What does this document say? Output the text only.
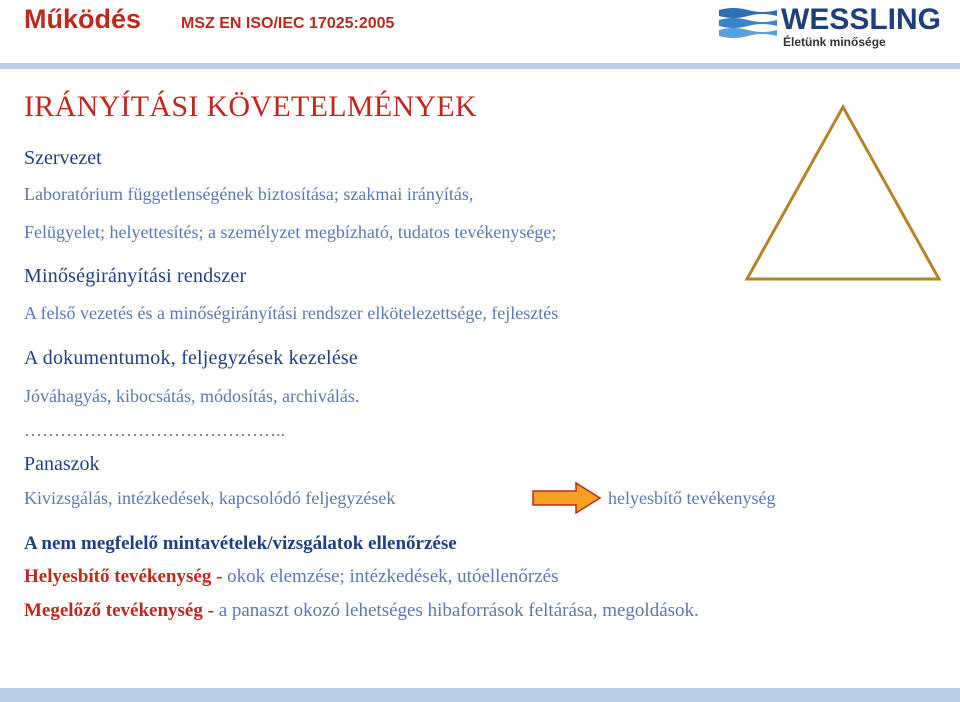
Működés MSZ EN ISO/IEC 17025:2005	WESSLING
Életünk minősége
IRÁNYÍTÁSI KÖVETELMÉNYEK
Szervezet
Laboratórium függetlenségének biztosítása; szakmai irányítás,
Felügyelet; helyettesítés; a személyzet megbízható, tudatos tevékenysége;
Minőségirányítási rendszer
A felső vezetés és a minőségirányítási rendszer elkötelezettsége, fejlesztés
A dokumentumok, feljegyzések kezelése
Jóváhagyás, kibocsátás, módosítás, archiválás.
……………………………………..
Panaszok
Kivizsgálás, intézkedések, kapcsolódó feljegyzések	helyesbítő tevékenység
A nem megfelelő mintavételek/vizsgálatok ellenőrzése
Helyesbítő tevékenység - okok elemzése; intézkedések, utóellenőrzés
Megelőző tevékenység - a panaszt okozó lehetséges hibaforrások feltárása, megoldások.
